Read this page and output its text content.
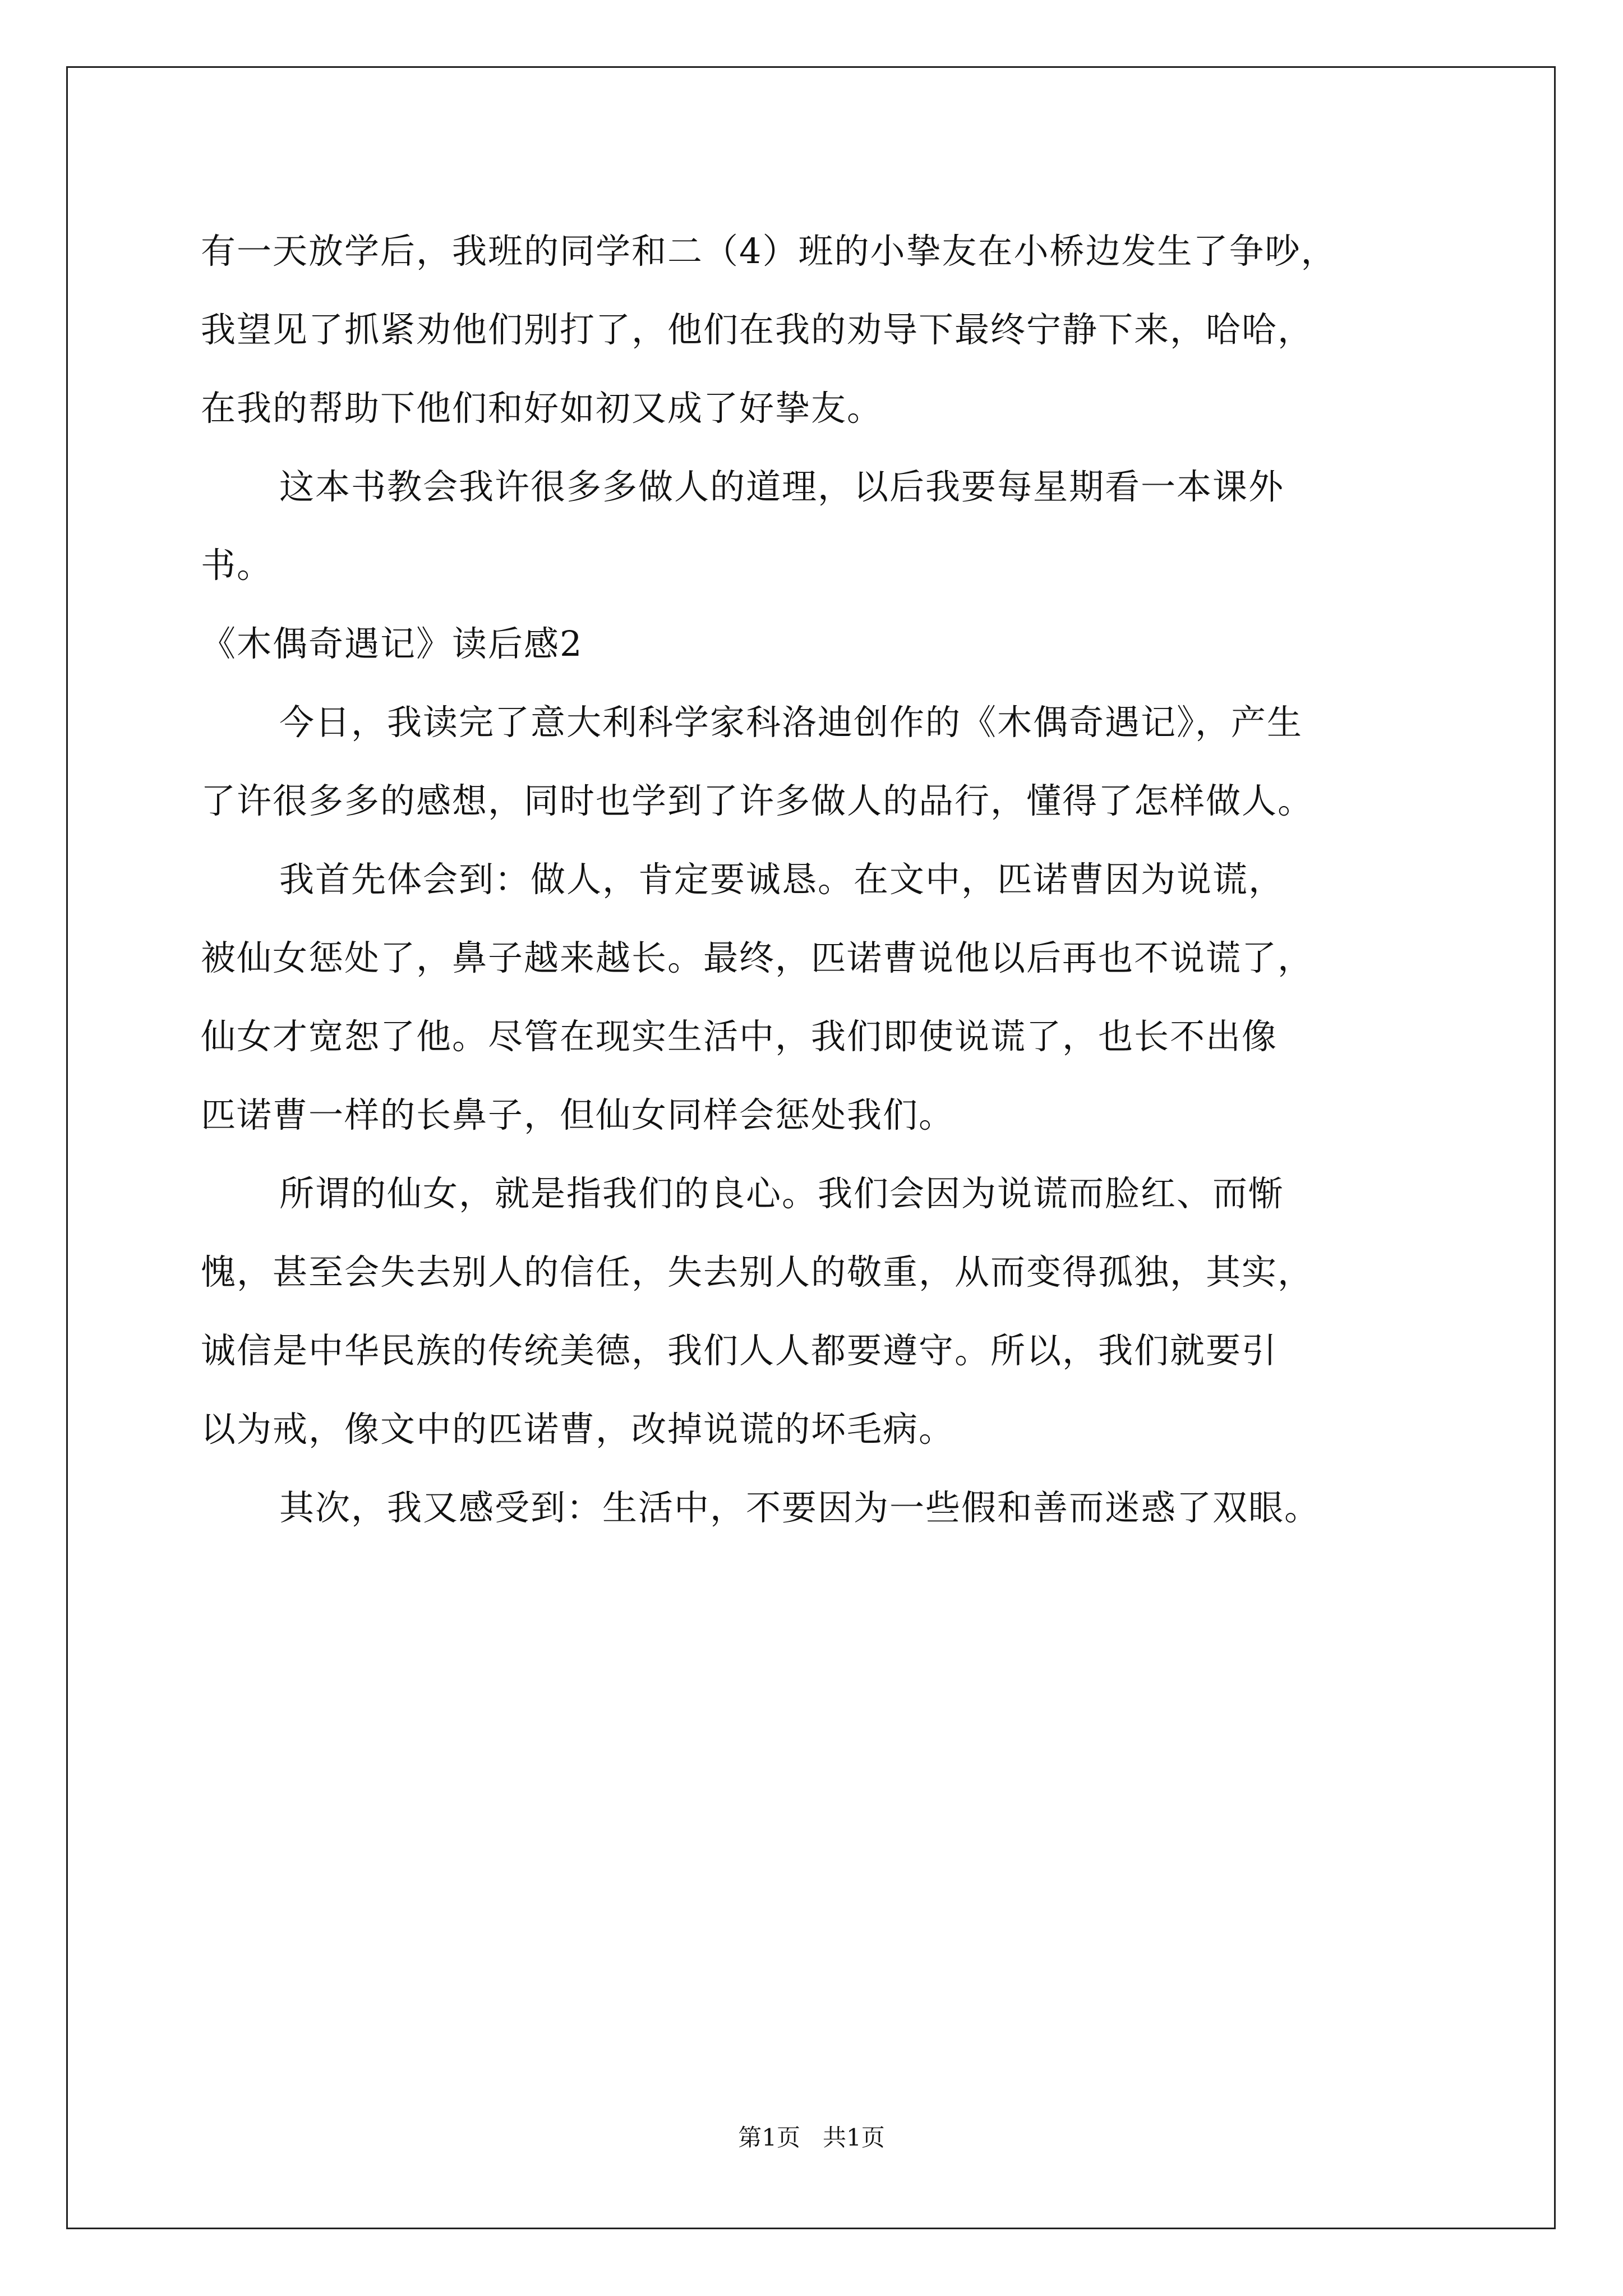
有一天放学后，我班的同学和二（4）班的小挚友在小桥边发生了争吵，
我望见了抓紧劝他们别打了，他们在我的劝导下最终宁静下来，哈哈，
在我的帮助下他们和好如初又成了好挚友。
这本书教会我许很多多做人的道理，以后我要每星期看一本课外
书。
《木偶奇遇记》读后感2
今日，我读完了意大利科学家科洛迪创作的《木偶奇遇记》，产生
了许很多多的感想，同时也学到了许多做人的品行，懂得了怎样做人。
我首先体会到：做人，肯定要诚恳。在文中，匹诺曹因为说谎，
被仙女惩处了，鼻子越来越长。最终，匹诺曹说他以后再也不说谎了，
仙女才宽恕了他。尽管在现实生活中，我们即使说谎了，也长不出像
匹诺曹一样的长鼻子，但仙女同样会惩处我们。
所谓的仙女，就是指我们的良心。我们会因为说谎而脸红、而惭
愧，甚至会失去别人的信任，失去别人的敬重，从而变得孤独，其实，
诚信是中华民族的传统美德，我们人人都要遵守。所以，我们就要引
以为戒，像文中的匹诺曹，改掉说谎的坏毛病。
其次，我又感受到：生活中，不要因为一些假和善而迷惑了双眼。
第1页   共1页
